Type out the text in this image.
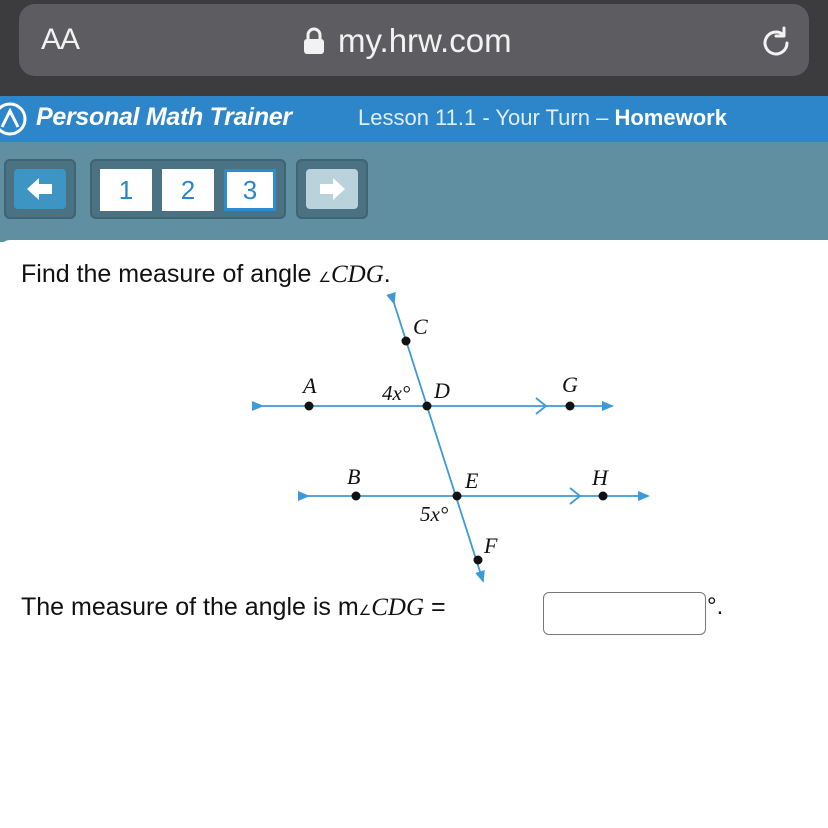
AA	my.hrw.com
Personal Math Trainer	Lesson 11.1 - Your Turn – Homework
1	2	3
Find the measure of angle ∠CDG.
The measure of the angle is m∠CDG =	°.
A
C
D	G
B	E	H
F
4x°
5x°
